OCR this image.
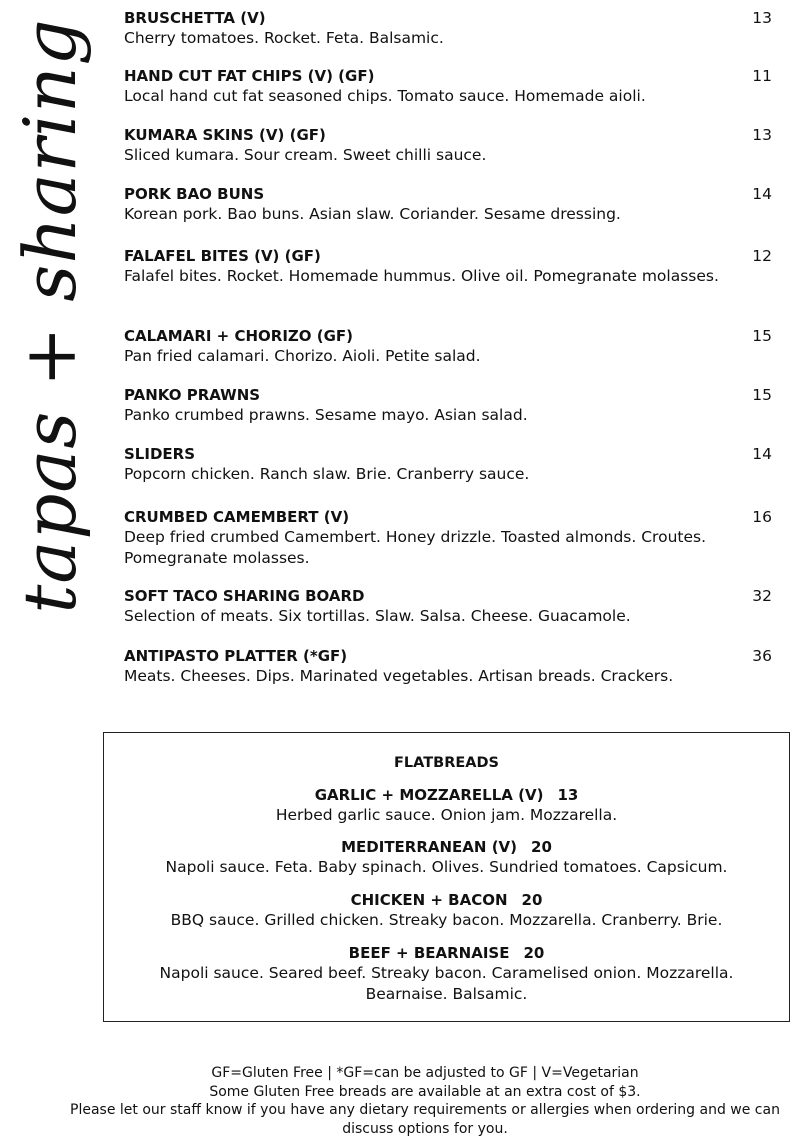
tapas + sharing
BRUSCHETTA (V)	13
Cherry tomatoes. Rocket. Feta. Balsamic.
HAND CUT FAT CHIPS (V) (GF)	11
Local hand cut fat seasoned chips. Tomato sauce. Homemade aioli.
KUMARA SKINS (V) (GF)	13
Sliced kumara. Sour cream. Sweet chilli sauce.
PORK BAO BUNS	14
Korean pork. Bao buns. Asian slaw. Coriander. Sesame dressing.
FALAFEL BITES (V) (GF)	12
Falafel bites. Rocket. Homemade hummus. Olive oil. Pomegranate molasses.
CALAMARI + CHORIZO (GF)	15
Pan fried calamari. Chorizo. Aioli. Petite salad.
PANKO PRAWNS	15
Panko crumbed prawns. Sesame mayo. Asian salad.
SLIDERS	14
Popcorn chicken. Ranch slaw. Brie. Cranberry sauce.
CRUMBED CAMEMBERT (V)	16
Deep fried crumbed Camembert. Honey drizzle. Toasted almonds. Croutes. Pomegranate molasses.
SOFT TACO SHARING BOARD	32
Selection of meats. Six tortillas. Slaw. Salsa. Cheese. Guacamole.
ANTIPASTO PLATTER (*GF)	36
Meats. Cheeses. Dips. Marinated vegetables. Artisan breads. Crackers.
FLATBREADS
GARLIC + MOZZARELLA (V) 13
Herbed garlic sauce. Onion jam. Mozzarella.
MEDITERRANEAN (V) 20
Napoli sauce. Feta. Baby spinach. Olives. Sundried tomatoes. Capsicum.
CHICKEN + BACON 20
BBQ sauce. Grilled chicken. Streaky bacon. Mozzarella. Cranberry. Brie.
BEEF + BEARNAISE 20
Napoli sauce. Seared beef. Streaky bacon. Caramelised onion. Mozzarella. Bearnaise. Balsamic.
GF=Gluten Free | *GF=can be adjusted to GF | V=Vegetarian
Some Gluten Free breads are available at an extra cost of $3.
Please let our staff know if you have any dietary requirements or allergies when ordering and we can discuss options for you.
